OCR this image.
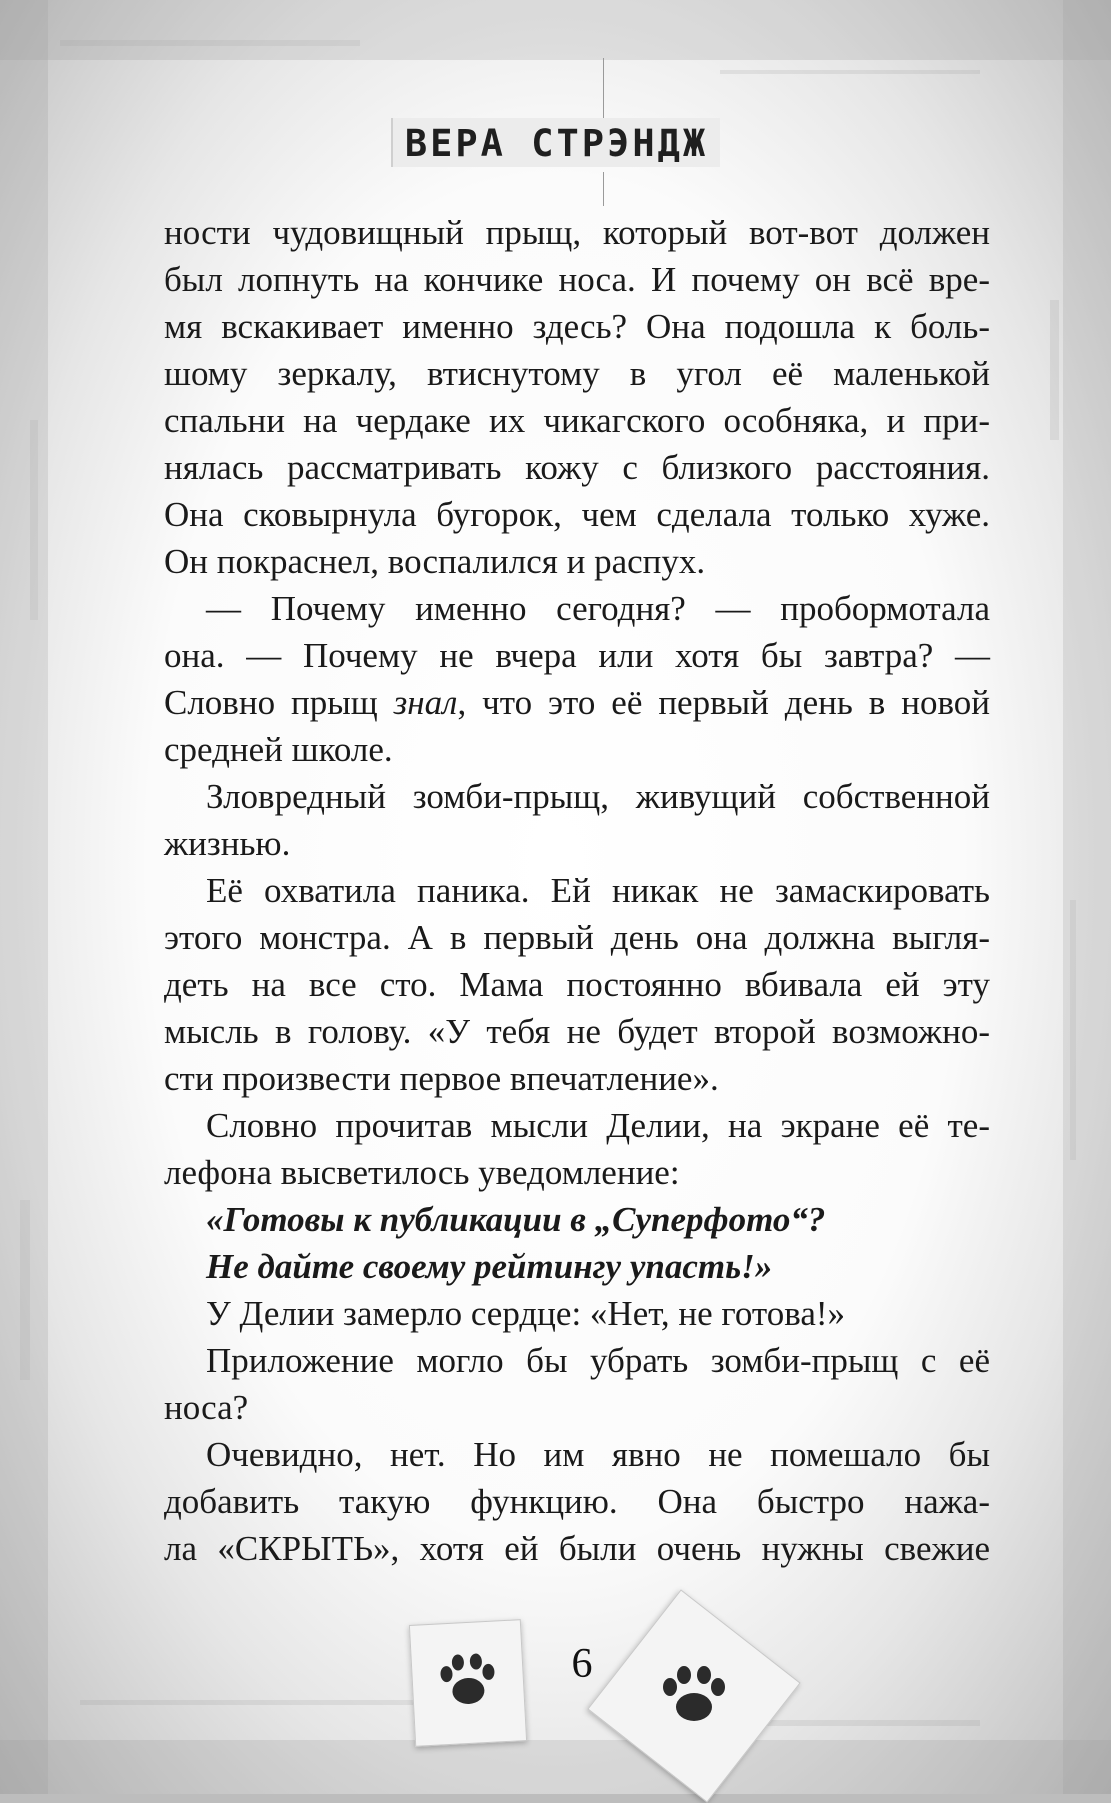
ВЕРА СТРЭНДЖ

ности чудовищный прыщ, который вот-вот должен

был лопнуть на кончике носа. И почему он всё вре-

мя вскакивает именно здесь? Она подошла к боль-

шому зеркалу, втиснутому в угол её маленькой

спальни на чердаке их чикагского особняка, и при-

нялась рассматривать кожу с близкого расстояния.

Она сковырнула бугорок, чем сделала только хуже.

Он покраснел, воспалился и распух.

— Почему именно сегодня? — пробормотала

она. — Почему не вчера или хотя бы завтра? —

Словно прыщ знал, что это её первый день в новой

средней школе.

Зловредный зомби-прыщ, живущий собственной

жизнью.

Её охватила паника. Ей никак не замаскировать

этого монстра. А в первый день она должна выгля-

деть на все сто. Мама постоянно вбивала ей эту

мысль в голову. «У тебя не будет второй возможно-

сти произвести первое впечатление».

Словно прочитав мысли Делии, на экране её те-

лефона высветилось уведомление:

«Готовы к публикации в „Суперфото“?

Не дайте своему рейтингу упасть!»

У Делии замерло сердце: «Нет, не готова!»

Приложение могло бы убрать зомби-прыщ с её

носа?

Очевидно, нет. Но им явно не помешало бы

добавить такую функцию. Она быстро нажа-

ла «СКРЫТЬ», хотя ей были очень нужны свежие

6
